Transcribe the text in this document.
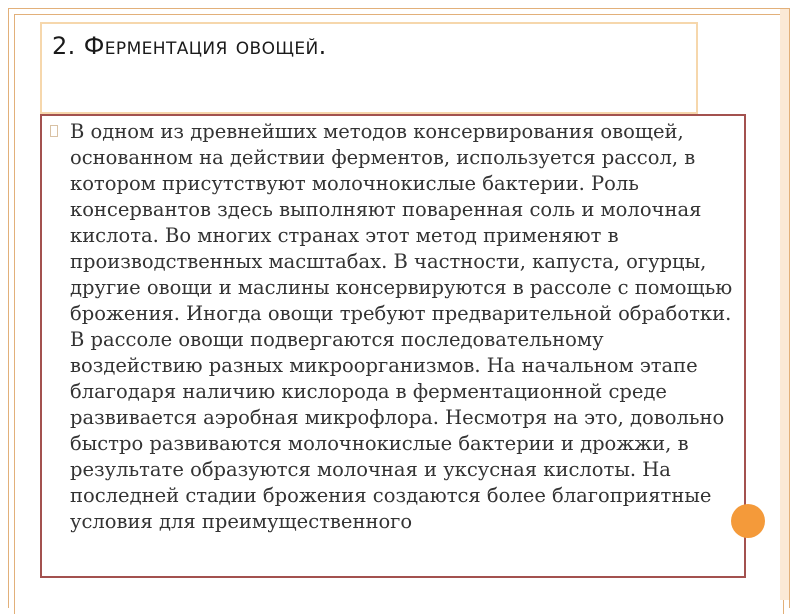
2. Ферментация овощей.

В одном из древнейших методов консервирования овощей, основанном на действии ферментов, используется рассол, в котором присутствуют молочнокислые бактерии. Роль консервантов здесь выполняют поваренная соль и молочная кислота. Во многих странах этот метод применяют в производственных масштабах. В частности, капуста, огурцы, другие овощи и маслины консервируются в рассоле с помощью брожения. Иногда овощи требуют предварительной обработки. В рассоле овощи подвергаются последовательному воздействию разных микроорганизмов. На начальном этапе благодаря наличию кислорода в ферментационной среде развивается аэробная микрофлора. Несмотря на это, довольно быстро развиваются молочнокислые бактерии и дрожжи, в результате образуются молочная и уксусная кислоты. На последней стадии брожения создаются более благоприятные условия для преимущественного
